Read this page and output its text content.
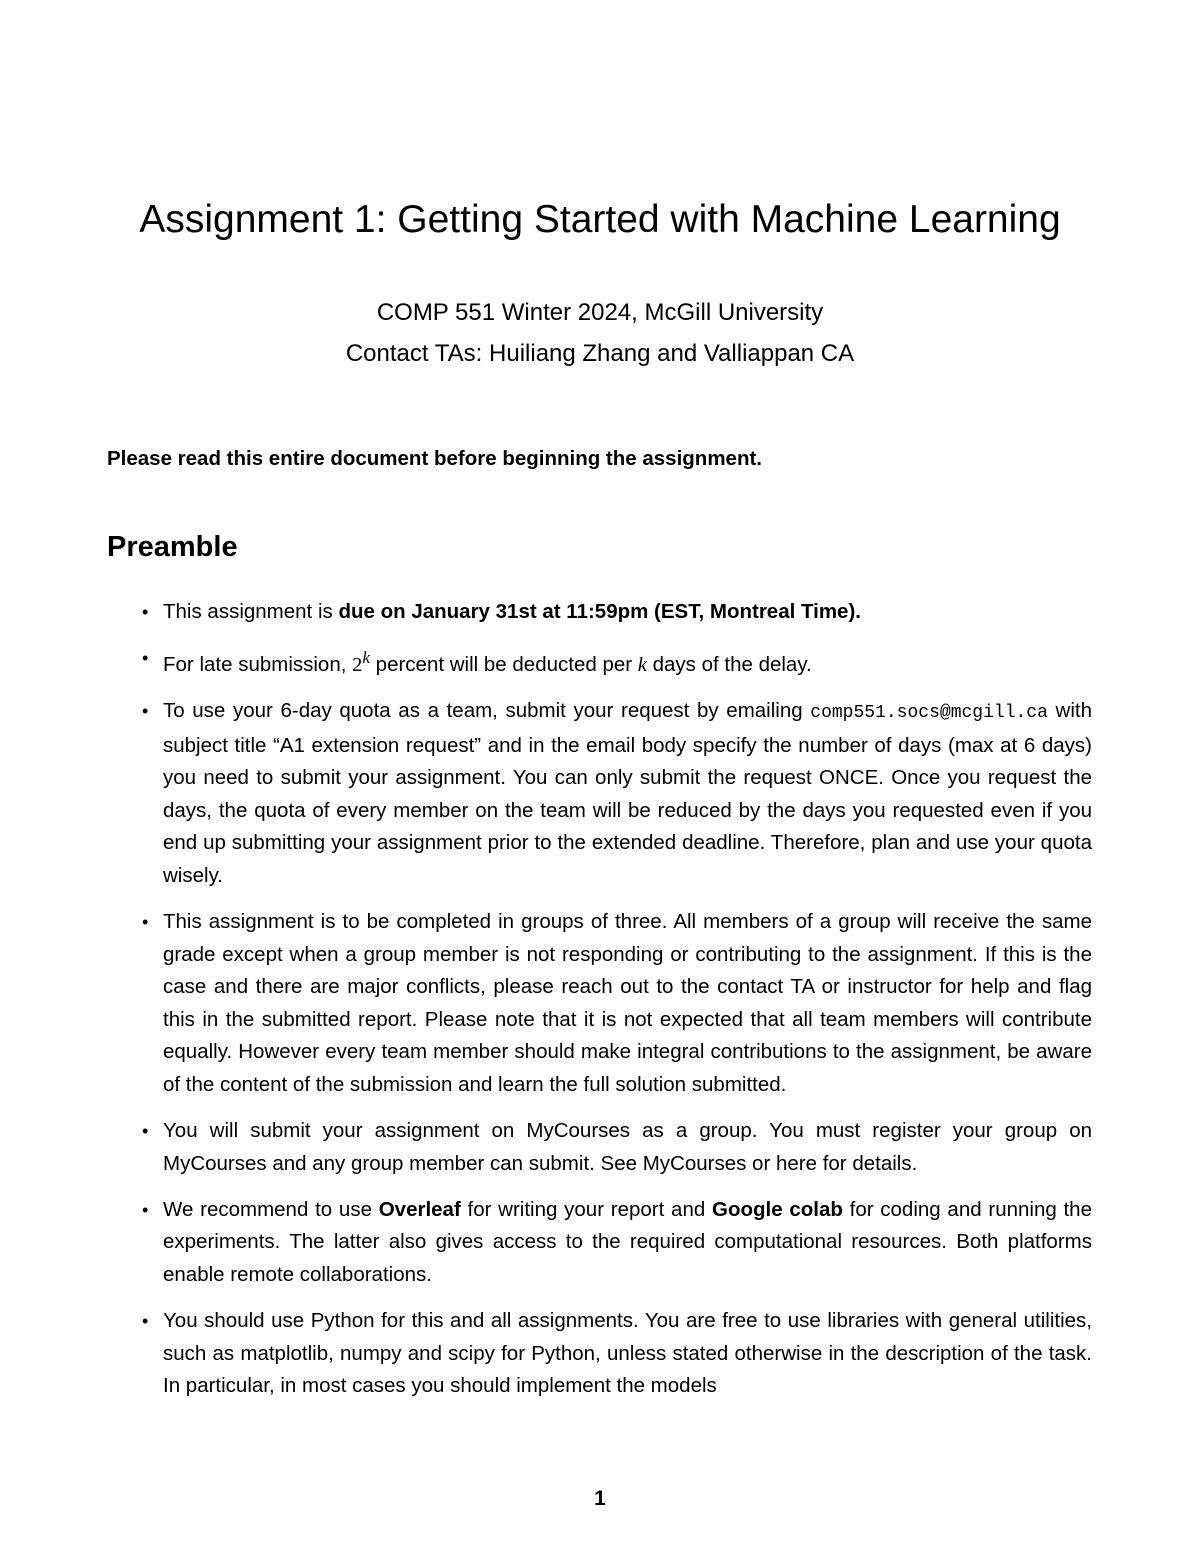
Assignment 1: Getting Started with Machine Learning

COMP 551 Winter 2024, McGill University

Contact TAs: Huiliang Zhang and Valliappan CA

Please read this entire document before beginning the assignment.

Preamble
• This assignment is due on January 31st at 11:59pm (EST, Montreal Time).
• For late submission, 2$^k$ percent will be deducted per k days of the delay.
• To use your 6-day quota as a team, submit your request by emailing comp551.socs@mcgill.ca with subject title “A1 extension request” and in the email body specify the number of days (max at 6 days) you need to submit your assignment. You can only submit the request ONCE. Once you request the days, the quota of every member on the team will be reduced by the days you requested even if you end up submitting your assignment prior to the extended deadline. Therefore, plan and use your quota wisely.
• This assignment is to be completed in groups of three. All members of a group will receive the same grade except when a group member is not responding or contributing to the assignment. If this is the case and there are major conflicts, please reach out to the contact TA or instructor for help and flag this in the submitted report. Please note that it is not expected that all team members will contribute equally. However every team member should make integral contributions to the assignment, be aware of the content of the submission and learn the full solution submitted.
• You will submit your assignment on MyCourses as a group. You must register your group on MyCourses and any group member can submit. See MyCourses or here for details.
• We recommend to use Overleaf for writing your report and Google colab for coding and running the experiments. The latter also gives access to the required computational resources. Both platforms enable remote collaborations.
• You should use Python for this and all assignments. You are free to use libraries with general utilities, such as matplotlib, numpy and scipy for Python, unless stated otherwise in the description of the task. In particular, in most cases you should implement the models

1
